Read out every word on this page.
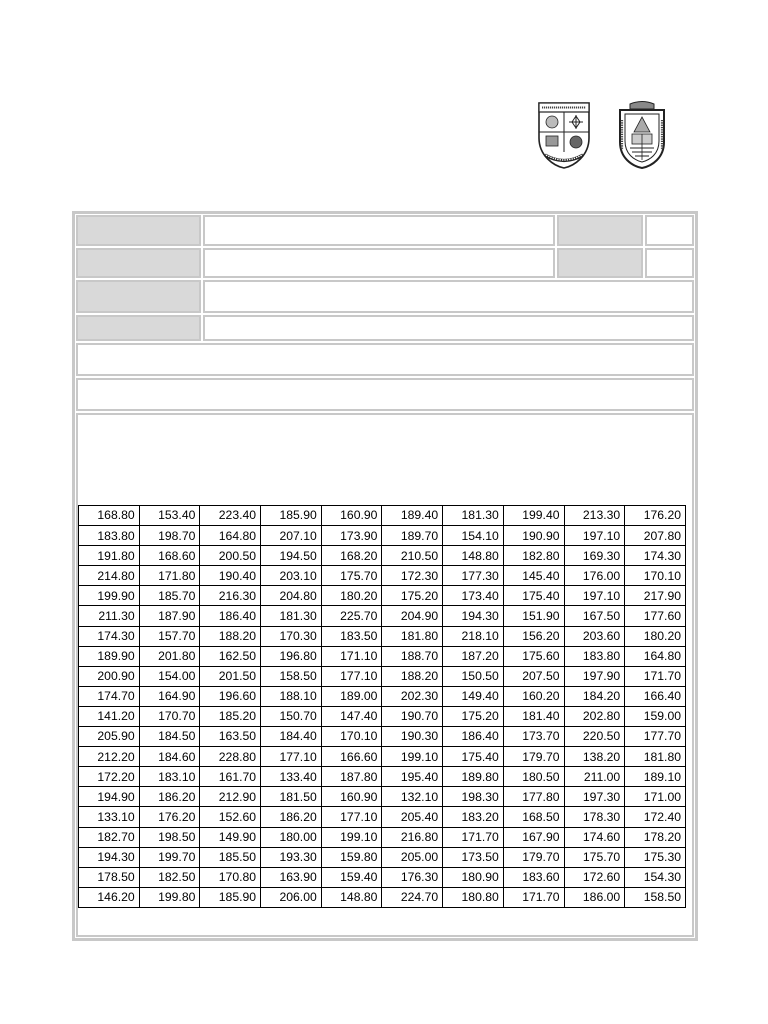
168.80	153.40	223.40	185.90	160.90	189.40	181.30	199.40	213.30	176.20
183.80	198.70	164.80	207.10	173.90	189.70	154.10	190.90	197.10	207.80
191.80	168.60	200.50	194.50	168.20	210.50	148.80	182.80	169.30	174.30
214.80	171.80	190.40	203.10	175.70	172.30	177.30	145.40	176.00	170.10
199.90	185.70	216.30	204.80	180.20	175.20	173.40	175.40	197.10	217.90
211.30	187.90	186.40	181.30	225.70	204.90	194.30	151.90	167.50	177.60
174.30	157.70	188.20	170.30	183.50	181.80	218.10	156.20	203.60	180.20
189.90	201.80	162.50	196.80	171.10	188.70	187.20	175.60	183.80	164.80
200.90	154.00	201.50	158.50	177.10	188.20	150.50	207.50	197.90	171.70
174.70	164.90	196.60	188.10	189.00	202.30	149.40	160.20	184.20	166.40
141.20	170.70	185.20	150.70	147.40	190.70	175.20	181.40	202.80	159.00
205.90	184.50	163.50	184.40	170.10	190.30	186.40	173.70	220.50	177.70
212.20	184.60	228.80	177.10	166.60	199.10	175.40	179.70	138.20	181.80
172.20	183.10	161.70	133.40	187.80	195.40	189.80	180.50	211.00	189.10
194.90	186.20	212.90	181.50	160.90	132.10	198.30	177.80	197.30	171.00
133.10	176.20	152.60	186.20	177.10	205.40	183.20	168.50	178.30	172.40
182.70	198.50	149.90	180.00	199.10	216.80	171.70	167.90	174.60	178.20
194.30	199.70	185.50	193.30	159.80	205.00	173.50	179.70	175.70	175.30
178.50	182.50	170.80	163.90	159.40	176.30	180.90	183.60	172.60	154.30
146.20	199.80	185.90	206.00	148.80	224.70	180.80	171.70	186.00	158.50
